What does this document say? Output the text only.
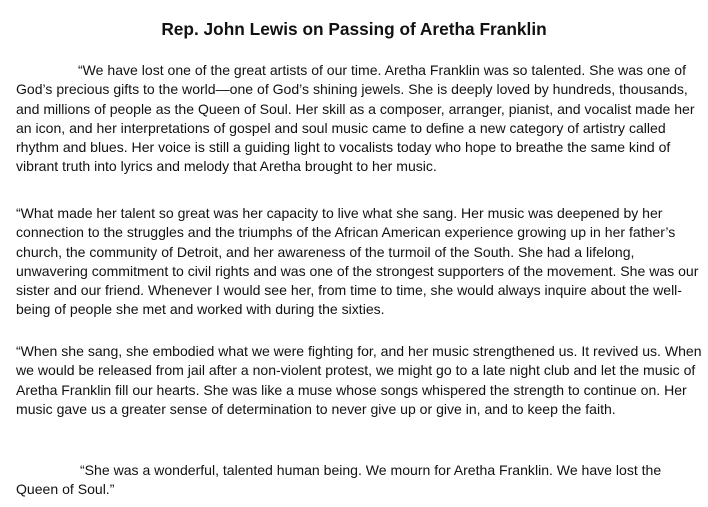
Rep. John Lewis on Passing of Aretha Franklin

“We have lost one of the great artists of our time. Aretha Franklin was so talented. She was one of God’s precious gifts to the world—one of God’s shining jewels. She is deeply loved by hundreds, thousands, and millions of people as the Queen of Soul. Her skill as a composer, arranger, pianist, and vocalist made her an icon, and her interpretations of gospel and soul music came to define a new category of artistry called rhythm and blues. Her voice is still a guiding light to vocalists today who hope to breathe the same kind of vibrant truth into lyrics and melody that Aretha brought to her music.

“What made her talent so great was her capacity to live what she sang. Her music was deepened by her connection to the struggles and the triumphs of the African American experience growing up in her father’s church, the community of Detroit, and her awareness of the turmoil of the South. She had a lifelong, unwavering commitment to civil rights and was one of the strongest supporters of the movement. She was our sister and our friend. Whenever I would see her, from time to time, she would always inquire about the well-being of people she met and worked with during the sixties.

“When she sang, she embodied what we were fighting for, and her music strengthened us. It revived us. When we would be released from jail after a non-violent protest, we might go to a late night club and let the music of Aretha Franklin fill our hearts. She was like a muse whose songs whispered the strength to continue on. Her music gave us a greater sense of determination to never give up or give in, and to keep the faith.

“She was a wonderful, talented human being. We mourn for Aretha Franklin. We have lost the Queen of Soul.”
